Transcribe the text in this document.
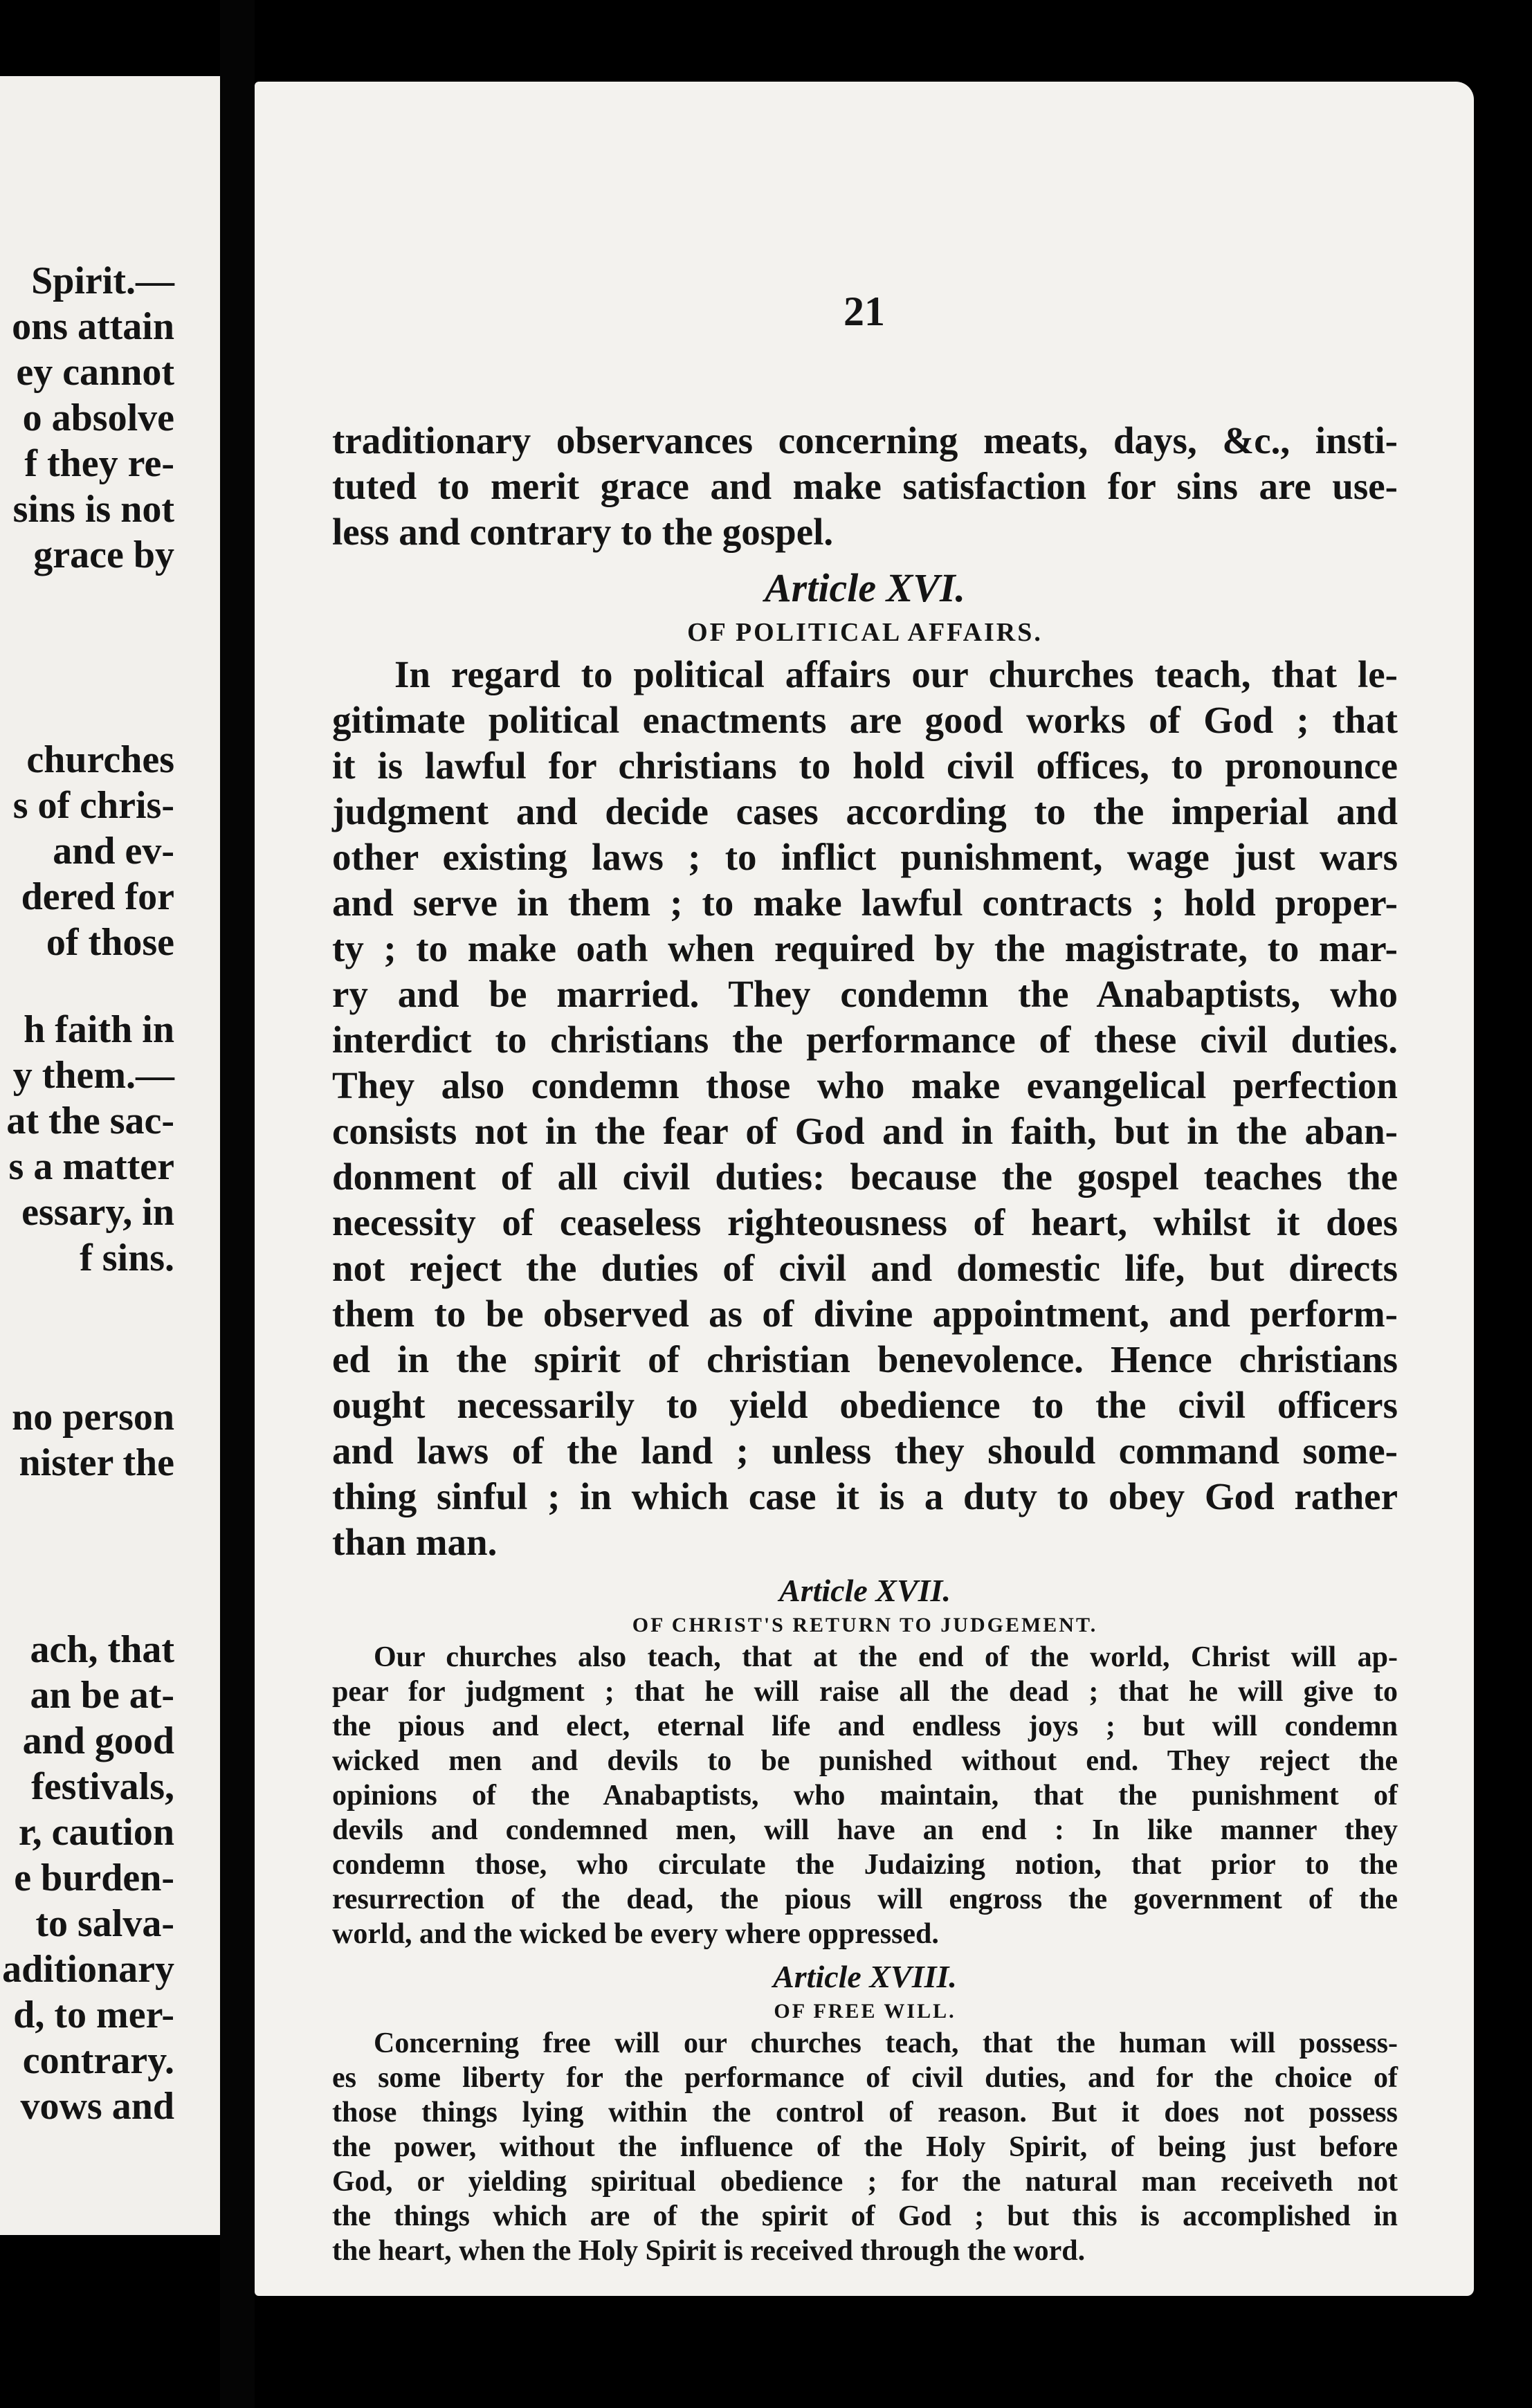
Spirit.—
ons attain
ey cannot
o absolve
f they re-
sins is not
grace by
churches
s of chris-
and ev-
dered for
of those
h faith in
y them.—
at the sac-
s a matter
essary, in
f sins.
no person
nister the
ach, that
an be at-
and good
festivals,
r, caution
e burden-
to salva-
aditionary
d, to mer-
contrary.
vows and
21
traditionary observances concerning meats, days, &c., insti-
tuted to merit grace and make satisfaction for sins are use-
less and contrary to the gospel.
Article XVI.
OF POLITICAL AFFAIRS.
In regard to political affairs our churches teach, that le-
gitimate political enactments are good works of God ; that
it is lawful for christians to hold civil offices, to pronounce
judgment and decide cases according to the imperial and
other existing laws ; to inflict punishment, wage just wars
and serve in them ; to make lawful contracts ; hold proper-
ty ; to make oath when required by the magistrate, to mar-
ry and be married. They condemn the Anabaptists, who
interdict to christians the performance of these civil duties.
They also condemn those who make evangelical perfection
consists not in the fear of God and in faith, but in the aban-
donment of all civil duties: because the gospel teaches the
necessity of ceaseless righteousness of heart, whilst it does
not reject the duties of civil and domestic life, but directs
them to be observed as of divine appointment, and perform-
ed in the spirit of christian benevolence. Hence christians
ought necessarily to yield obedience to the civil officers
and laws of the land ; unless they should command some-
thing sinful ; in which case it is a duty to obey God rather
than man.
Article XVII.
OF CHRIST'S RETURN TO JUDGEMENT.
Our churches also teach, that at the end of the world, Christ will ap-
pear for judgment ; that he will raise all the dead ; that he will give to
the pious and elect, eternal life and endless joys ; but will condemn
wicked men and devils to be punished without end. They reject the
opinions of the Anabaptists, who maintain, that the punishment of
devils and condemned men, will have an end : In like manner they
condemn those, who circulate the Judaizing notion, that prior to the
resurrection of the dead, the pious will engross the government of the
world, and the wicked be every where oppressed.
Article XVIII.
OF FREE WILL.
Concerning free will our churches teach, that the human will possess-
es some liberty for the performance of civil duties, and for the choice of
those things lying within the control of reason. But it does not possess
the power, without the influence of the Holy Spirit, of being just before
God, or yielding spiritual obedience ; for the natural man receiveth not
the things which are of the spirit of God ; but this is accomplished in
the heart, when the Holy Spirit is received through the word.
